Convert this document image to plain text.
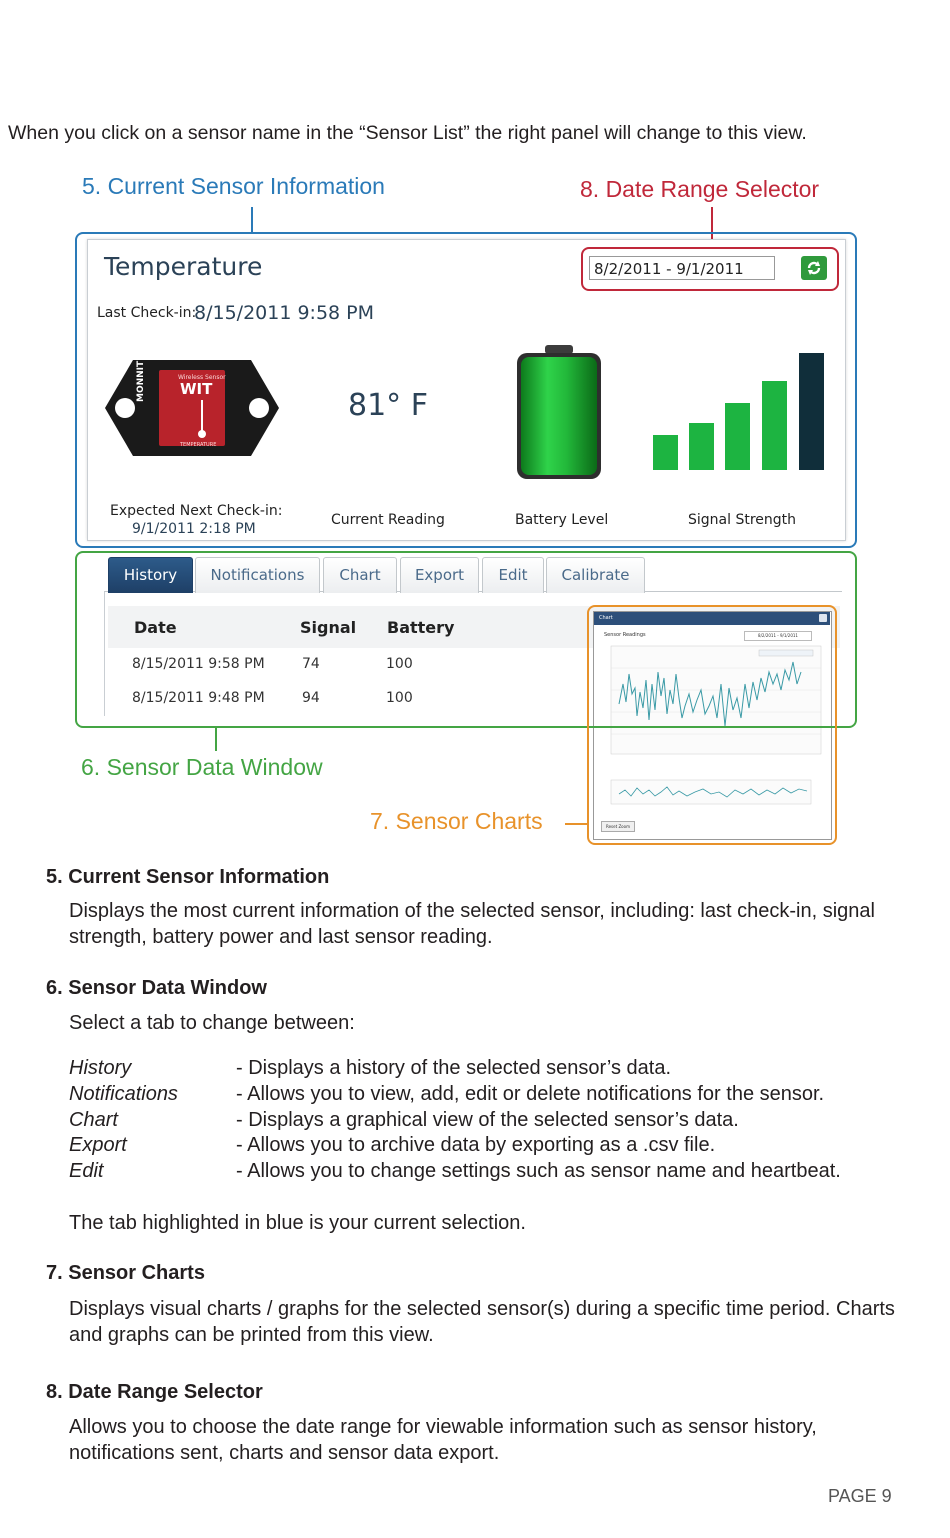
When you click on a sensor name in the “Sensor List” the right panel will change to this view.
5. Current Sensor Information	8. Date Range Selector
6. Sensor Data Window
7. Sensor Charts
Temperature
Last Check-in:
8/15/2011 9:58 PM
8/2/2011 - 9/1/2011
WIT
Wireless Sensor
TEMPERATURE
MONNIT
81° F
Expected Next Check-in:
9/1/2011 2:18 PM
Current Reading	Battery Level	Signal Strength
History	Notifications	Chart	Export	Edit	Calibrate
Date	Signal Battery
8/15/2011 9:58 PM	74	100
8/15/2011 9:48 PM	94	100
Chart
Sensor Readings	8/2/2011 - 9/1/2011
Reset Zoom
5. Current Sensor Information
Displays the most current information of the selected sensor, including: last check-in, signal strength, battery power and last sensor reading.
6. Sensor Data Window
Select a tab to change between:
History	- Displays a history of the selected sensor’s data.
Notifications	- Allows you to view, add, edit or delete notifications for the sensor.
Chart	- Displays a graphical view of the selected sensor’s data.
Export	- Allows you to archive data by exporting as a .csv file.
Edit	- Allows you to change settings such as sensor name and heartbeat.
The tab highlighted in blue is your current selection.
7. Sensor Charts
Displays visual charts / graphs for the selected sensor(s) during a specific time period. Charts and graphs can be printed from this view.
8. Date Range Selector
Allows you to choose the date range for viewable information such as sensor history, notifications sent, charts and sensor data export.
PAGE 9
